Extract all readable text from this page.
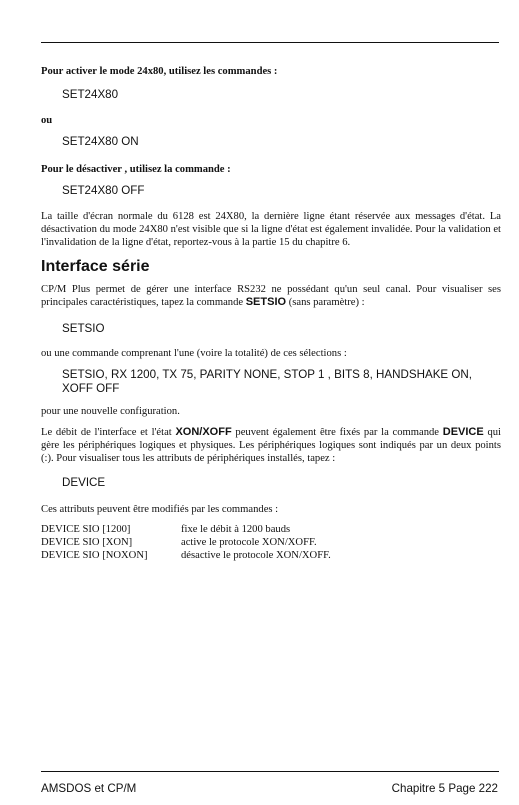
Pour activer le mode 24x80, utilisez les commandes :
SET24X80
ou
SET24X80 ON
Pour le désactiver , utilisez la commande :
SET24X80 OFF
La taille d'écran normale du 6128 est 24X80, la dernière ligne étant réservée aux messages d'état. La désactivation du mode 24X80 n'est visible que si la ligne d'état est également invalidée. Pour la validation et l'invalidation de la ligne d'état, reportez-vous à la partie 15 du chapitre 6.
Interface série
CP/M Plus permet de gérer une interface RS232 ne possédant qu'un seul canal. Pour visualiser ses principales caractéristiques, tapez la commande SETSIO (sans paramètre) :
SETSIO
ou une commande comprenant l'une (voire la totalité) de ces sélections :
SETSIO, RX 1200, TX 75, PARITY NONE, STOP 1 , BITS 8, HANDSHAKE ON, XOFF OFF
pour une nouvelle configuration.
Le débit de l'interface et l'état XON/XOFF peuvent également être fixés par la commande DEVICE qui gère les périphériques logiques et physiques. Les périphériques logiques sont indiqués par un deux points (:). Pour visualiser tous les attributs de périphériques installés, tapez :
DEVICE
Ces attributs peuvent être modifiés par les commandes :
DEVICE SIO [1200]	fixe le débit à 1200 bauds
DEVICE SIO [XON]	active le protocole XON/XOFF.
DEVICE SIO [NOXON]	désactive le protocole XON/XOFF.
AMSDOS et CP/M	Chapitre 5 Page 222
